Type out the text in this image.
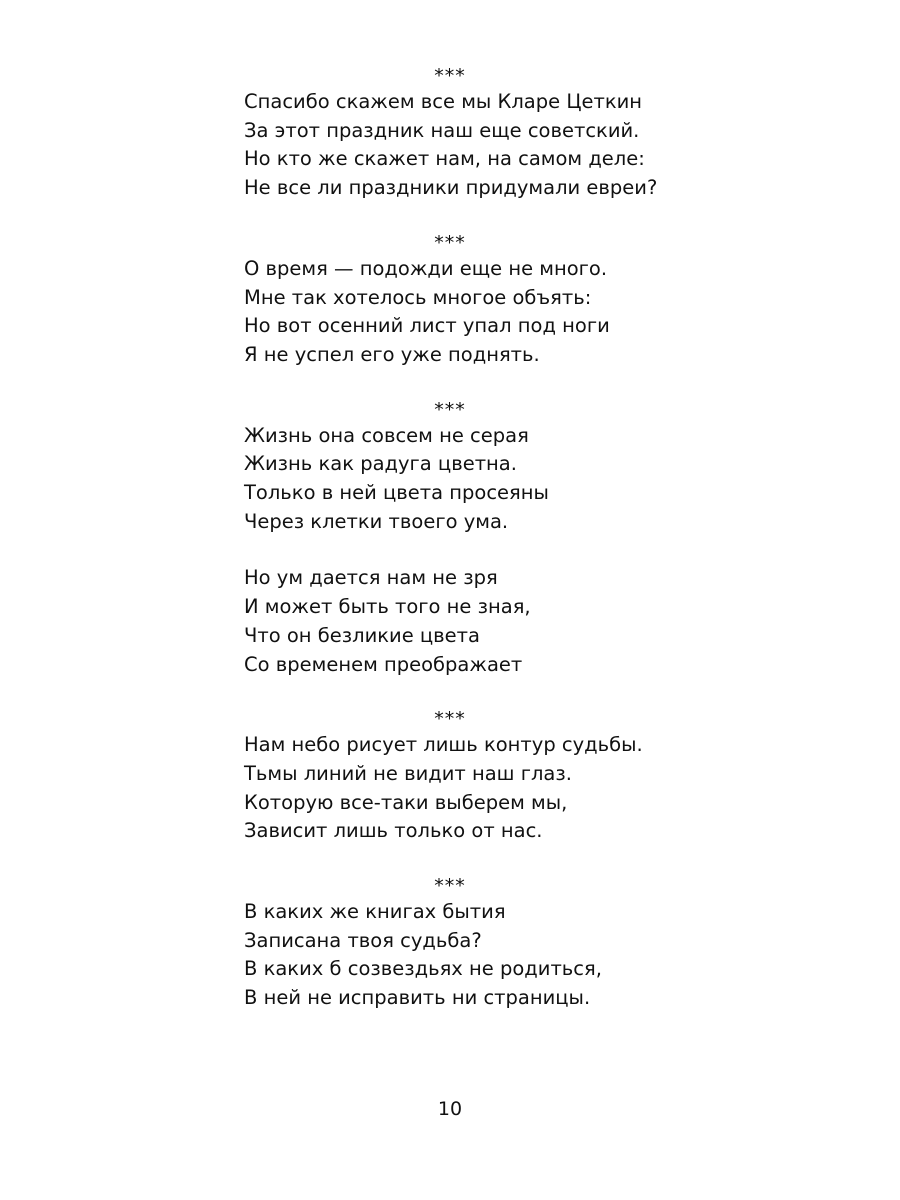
***
Спасибо скажем все мы Кларе Цеткин
За этот праздник наш еще советский.
Но кто же скажет нам, на самом деле:
Не все ли праздники придумали евреи?
***
О время — подожди еще не много.
Мне так хотелось многое объять:
Но вот осенний лист упал под ноги
Я не успел его уже поднять.
***
Жизнь она совсем не серая
Жизнь как радуга цветна.
Только в ней цвета просеяны
Через клетки твоего ума.
Но ум дается нам не зря
И может быть того не зная,
Что он безликие цвета
Со временем преображает
***
Нам небо рисует лишь контур судьбы.
Тьмы линий не видит наш глаз.
Которую все-таки выберем мы,
Зависит лишь только от нас.
***
В каких же книгах бытия
Записана твоя судьба?
В каких б созвездьях не родиться,
В ней не исправить ни страницы.
10
